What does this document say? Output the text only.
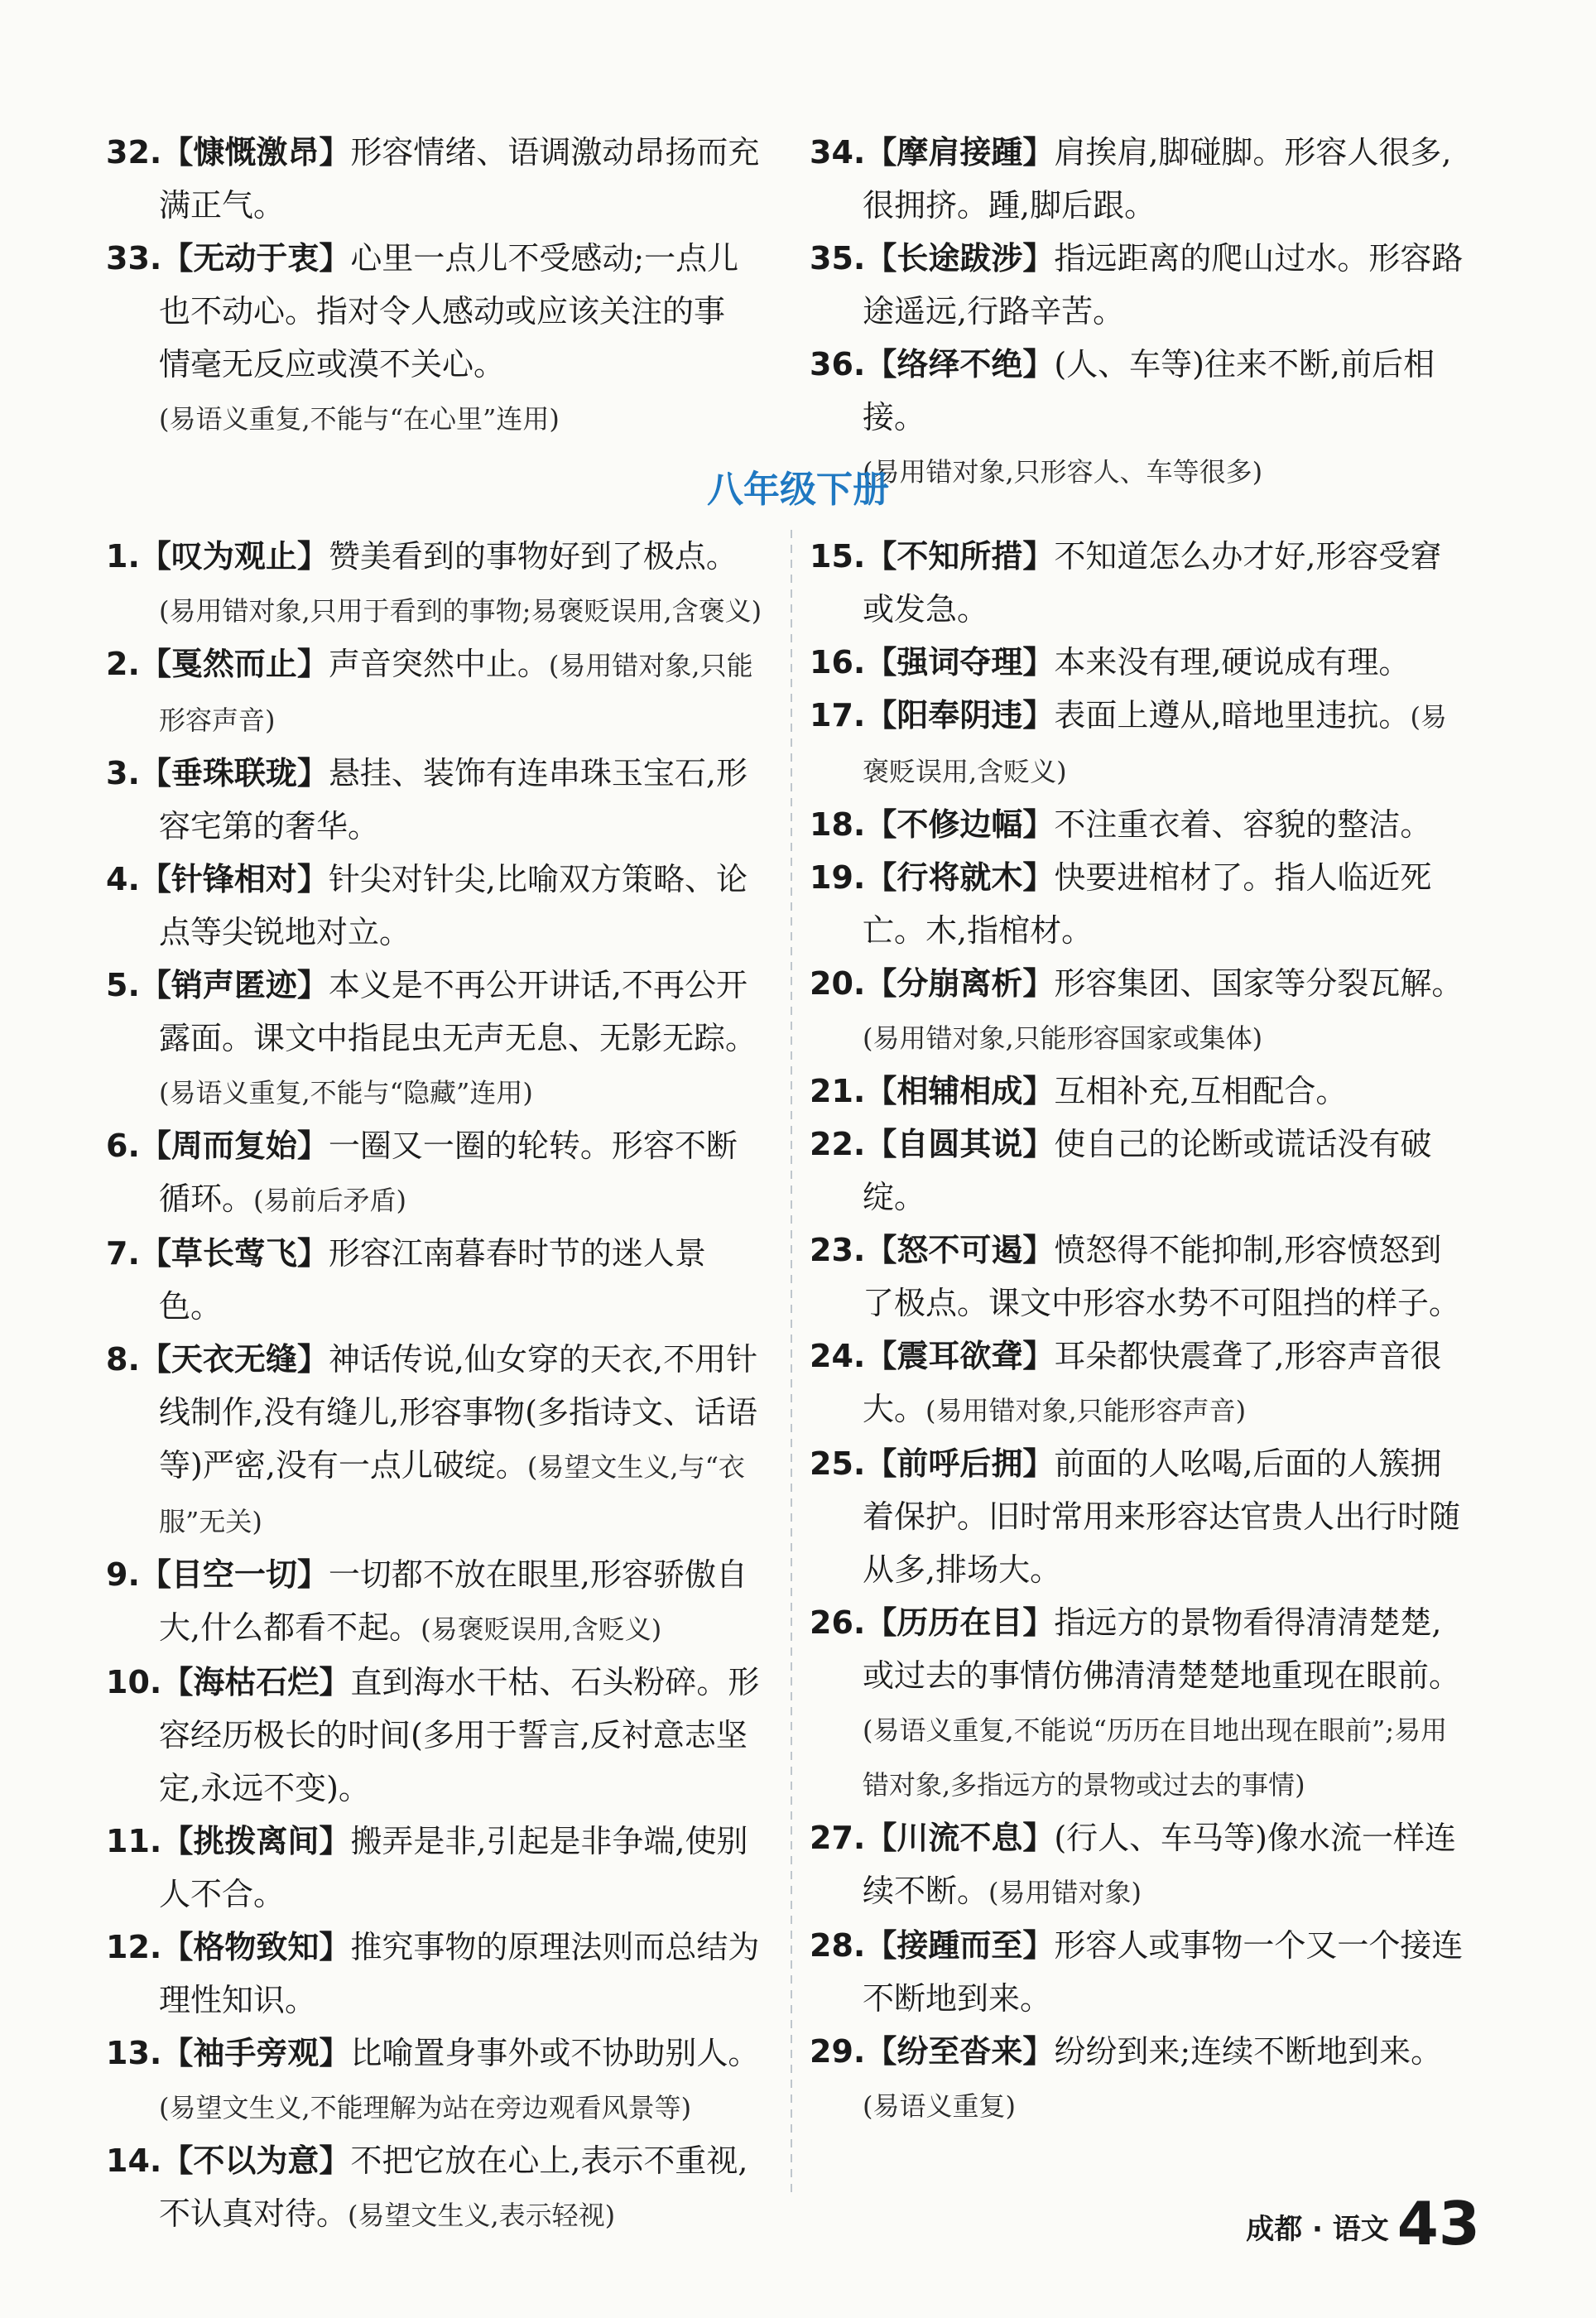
32.【慷慨激昂】形容情绪、语调激动昂扬而充
满正气。

33.【无动于衷】心里一点儿不受感动;一点儿
也不动心。指对令人感动或应该关注的事
情毫无反应或漠不关心。
(易语义重复,不能与“在心里”连用)

34.【摩肩接踵】肩挨肩,脚碰脚。形容人很多,
很拥挤。踵,脚后跟。

35.【长途跋涉】指远距离的爬山过水。形容路
途遥远,行路辛苦。

36.【络绎不绝】(人、车等)往来不断,前后相
接。
(易用错对象,只形容人、车等很多)

八年级下册

1.【叹为观止】赞美看到的事物好到了极点。(易用错对象,只用于看到的事物;易褒贬误用,含褒义)

2.【戛然而止】声音突然中止。(易用错对象,只能形容声音)

3.【垂珠联珑】悬挂、装饰有连串珠玉宝石,形容宅第的奢华。

4.【针锋相对】针尖对针尖,比喻双方策略、论点等尖锐地对立。

5.【销声匿迹】本义是不再公开讲话,不再公开露面。课文中指昆虫无声无息、无影无踪。(易语义重复,不能与“隐藏”连用)

6.【周而复始】一圈又一圈的轮转。形容不断循环。(易前后矛盾)

7.【草长莺飞】形容江南暮春时节的迷人景色。

8.【天衣无缝】神话传说,仙女穿的天衣,不用针线制作,没有缝儿,形容事物(多指诗文、话语等)严密,没有一点儿破绽。(易望文生义,与“衣服”无关)

9.【目空一切】一切都不放在眼里,形容骄傲自大,什么都看不起。(易褒贬误用,含贬义)

10.【海枯石烂】直到海水干枯、石头粉碎。形容经历极长的时间(多用于誓言,反衬意志坚定,永远不变)。

11.【挑拨离间】搬弄是非,引起是非争端,使别人不合。

12.【格物致知】推究事物的原理法则而总结为理性知识。

13.【袖手旁观】比喻置身事外或不协助别人。(易望文生义,不能理解为站在旁边观看风景等)

14.【不以为意】不把它放在心上,表示不重视,不认真对待。(易望文生义,表示轻视)

15.【不知所措】不知道怎么办才好,形容受窘或发急。

16.【强词夺理】本来没有理,硬说成有理。

17.【阳奉阴违】表面上遵从,暗地里违抗。(易褒贬误用,含贬义)

18.【不修边幅】不注重衣着、容貌的整洁。

19.【行将就木】快要进棺材了。指人临近死亡。木,指棺材。

20.【分崩离析】形容集团、国家等分裂瓦解。(易用错对象,只能形容国家或集体)

21.【相辅相成】互相补充,互相配合。

22.【自圆其说】使自己的论断或谎话没有破绽。

23.【怒不可遏】愤怒得不能抑制,形容愤怒到了极点。课文中形容水势不可阻挡的样子。

24.【震耳欲聋】耳朵都快震聋了,形容声音很大。(易用错对象,只能形容声音)

25.【前呼后拥】前面的人吆喝,后面的人簇拥着保护。旧时常用来形容达官贵人出行时随从多,排场大。

26.【历历在目】指远方的景物看得清清楚楚,或过去的事情仿佛清清楚楚地重现在眼前。(易语义重复,不能说“历历在目地出现在眼前”;易用错对象,多指远方的景物或过去的事情)

27.【川流不息】(行人、车马等)像水流一样连续不断。(易用错对象)

28.【接踵而至】形容人或事物一个又一个接连不断地到来。

29.【纷至沓来】纷纷到来;连续不断地到来。(易语义重复)

成都 · 语文 43
